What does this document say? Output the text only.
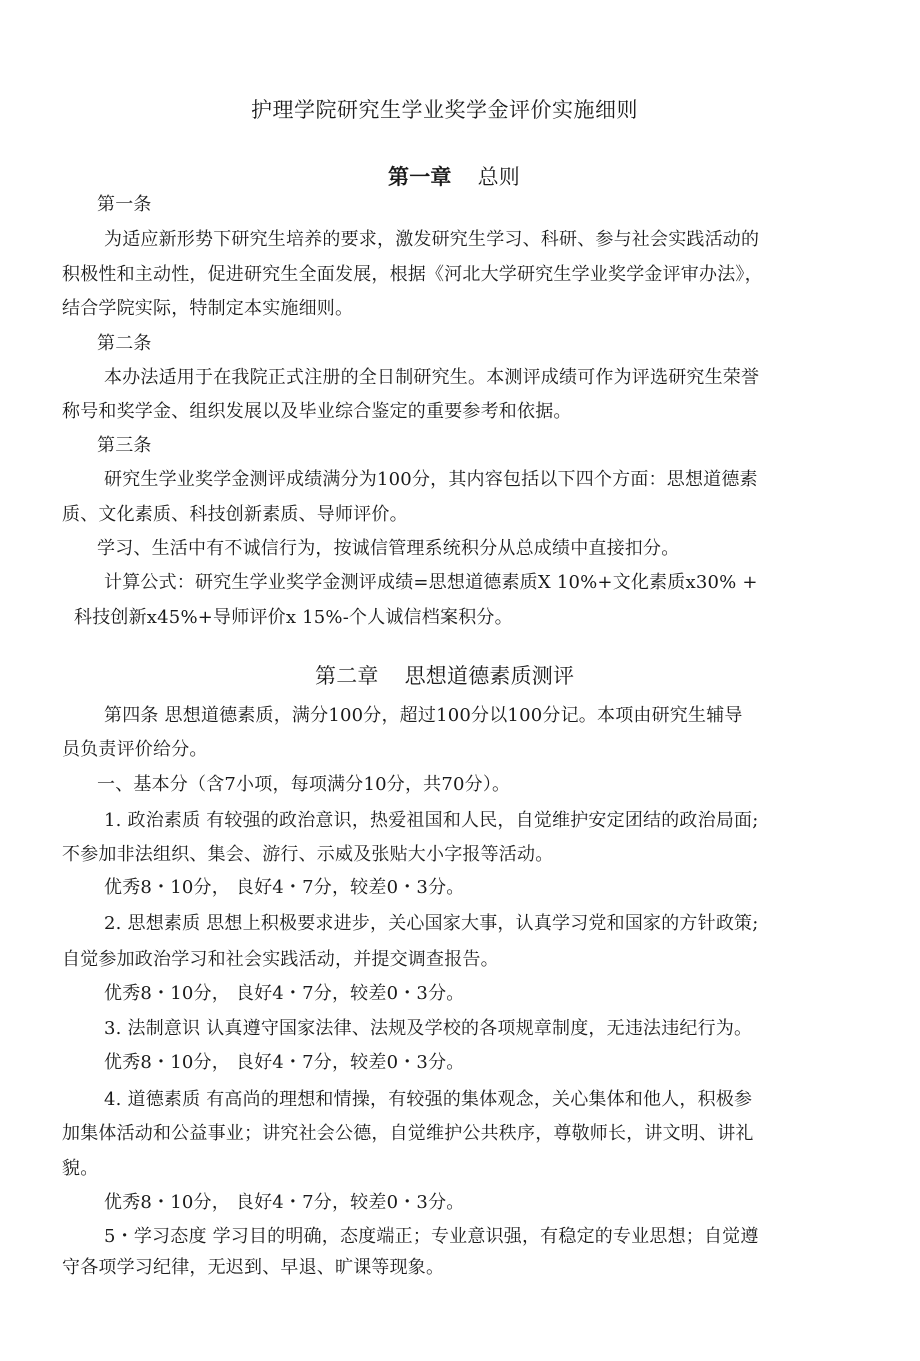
护理学院研究生学业奖学金评价实施细则
第一章 总则
第一条
为适应新形势下研究生培养的要求，激发研究生学习、科研、参与社会实践活动的
积极性和主动性，促进研究生全面发展，根据《河北大学研究生学业奖学金评审办法》，
结合学院实际，特制定本实施细则。
第二条
本办法适用于在我院正式注册的全日制研究生。本测评成绩可作为评选研究生荣誉
称号和奖学金、组织发展以及毕业综合鉴定的重要参考和依据。
第三条
研究生学业奖学金测评成绩满分为100分，其内容包括以下四个方面：思想道德素
质、文化素质、科技创新素质、导师评价。
学习、生活中有不诚信行为，按诚信管理系统积分从总成绩中直接扣分。
计算公式：研究生学业奖学金测评成绩=思想道德素质X 10%+文化素质x30% +
科技创新x45%+导师评价x 15%-个人诚信档案积分。
第二章 思想道德素质测评
第四条 思想道德素质，满分100分，超过100分以100分记。本项由研究生辅导
员负责评价给分。
一、基本分（含7小项，每项满分10分，共70分）。
1. 政治素质 有较强的政治意识，热爱祖国和人民，自觉维护安定团结的政治局面;
不参加非法组织、集会、游行、示威及张贴大小字报等活动。
优秀8・10分， 良好4・7分，较差0・3分。
2. 思想素质 思想上积极要求进步，关心国家大事，认真学习党和国家的方针政策;
自觉参加政治学习和社会实践活动，并提交调查报告。
优秀8・10分， 良好4・7分，较差0・3分。
3. 法制意识 认真遵守国家法律、法规及学校的各项规章制度，无违法违纪行为。
优秀8・10分， 良好4・7分，较差0・3分。
4. 道德素质 有高尚的理想和情操，有较强的集体观念，关心集体和他人，积极参
加集体活动和公益事业；讲究社会公德，自觉维护公共秩序，尊敬师长，讲文明、讲礼
貌。
优秀8・10分， 良好4・7分，较差0・3分。
5・学习态度 学习目的明确，态度端正；专业意识强，有稳定的专业思想；自觉遵
守各项学习纪律，无迟到、早退、旷课等现象。
